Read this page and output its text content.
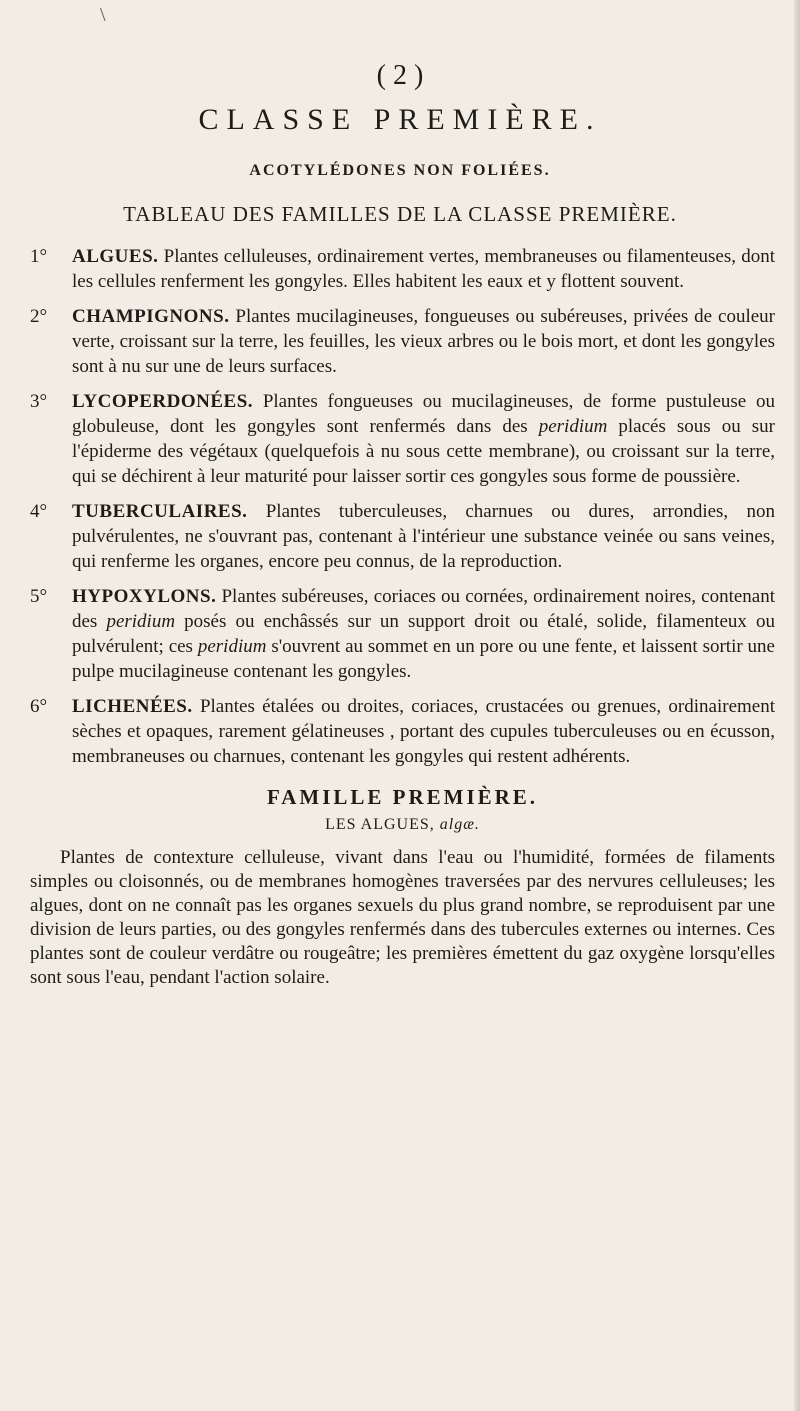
\
( 2 )
CLASSE PREMIÈRE.
ACOTYLÉDONES NON FOLIÉES.
TABLEAU DES FAMILLES DE LA CLASSE PREMIÈRE.
1° ALGUES. Plantes celluleuses, ordinairement vertes, membraneuses ou filamenteuses, dont les cellules renferment les gongyles. Elles habitent les eaux et y flottent souvent.
2° CHAMPIGNONS. Plantes mucilagineuses, fongueuses ou subéreuses, privées de couleur verte, croissant sur la terre, les feuilles, les vieux arbres ou le bois mort, et dont les gongyles sont à nu sur une de leurs surfaces.
3° LYCOPERDONÉES. Plantes fongueuses ou mucilagineuses, de forme pustuleuse ou globuleuse, dont les gongyles sont renfermés dans des peridium placés sous ou sur l'épiderme des végétaux (quelquefois à nu sous cette membrane), ou croissant sur la terre, qui se déchirent à leur maturité pour laisser sortir ces gongyles sous forme de poussière.
4° TUBERCULAIRES. Plantes tuberculeuses, charnues ou dures, arrondies, non pulvérulentes, ne s'ouvrant pas, contenant à l'intérieur une substance veinée ou sans veines, qui renferme les organes, encore peu connus, de la reproduction.
5° HYPOXYLONS. Plantes subéreuses, coriaces ou cornées, ordinairement noires, contenant des peridium posés ou enchâssés sur un support droit ou étalé, solide, filamenteux ou pulvérulent; ces peridium s'ouvrent au sommet en un pore ou une fente, et laissent sortir une pulpe mucilagineuse contenant les gongyles.
6° LICHENÉES. Plantes étalées ou droites, coriaces, crustacées ou grenues, ordinairement sèches et opaques, rarement gélatineuses , portant des cupules tuberculeuses ou en écusson, membraneuses ou charnues, contenant les gongyles qui restent adhérents.
FAMILLE PREMIÈRE.
LES ALGUES, algæ.
Plantes de contexture celluleuse, vivant dans l'eau ou l'humidité, formées de filaments simples ou cloisonnés, ou de membranes homogènes traversées par des nervures celluleuses; les algues, dont on ne connaît pas les organes sexuels du plus grand nombre, se reproduisent par une division de leurs parties, ou des gongyles renfermés dans des tubercules externes ou internes. Ces plantes sont de couleur verdâtre ou rougeâtre; les premières émettent du gaz oxygène lorsqu'elles sont sous l'eau, pendant l'action solaire.
